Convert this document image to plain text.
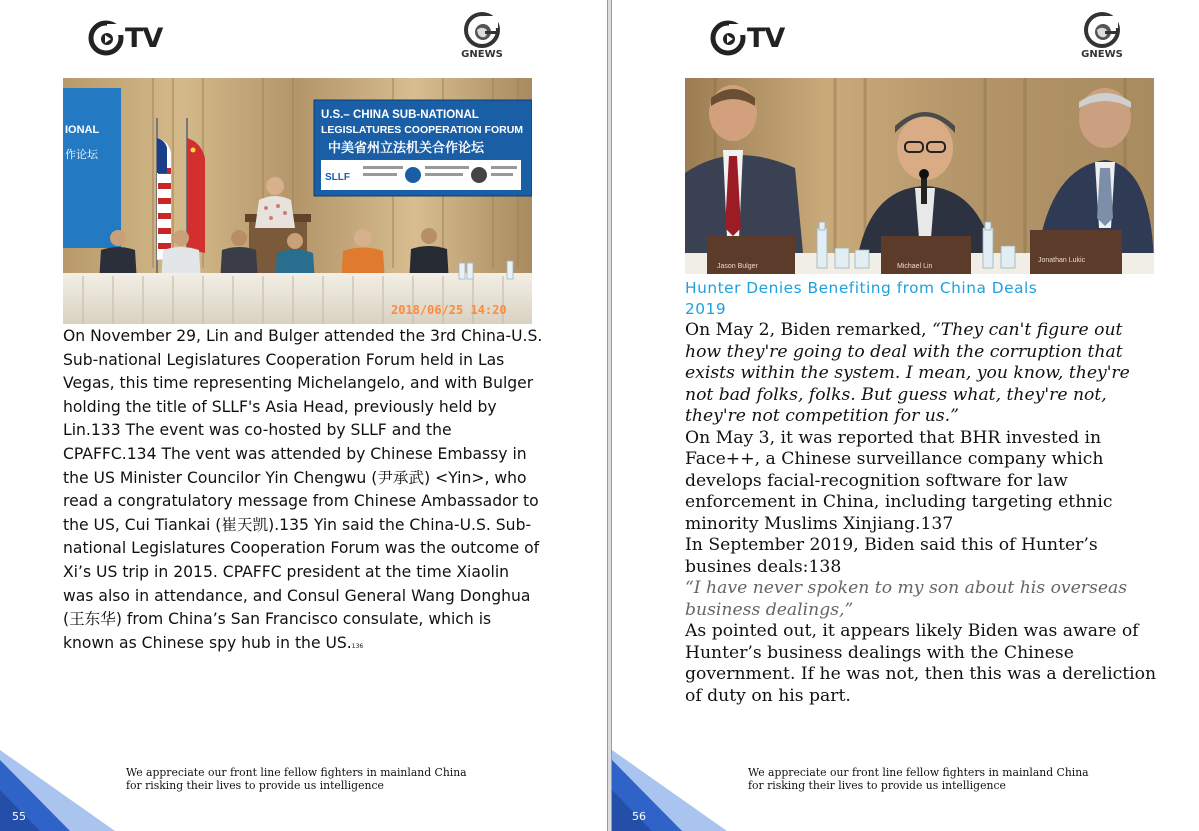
TV
GNEWS
IONAL
作论坛
U.S.– CHINA SUB-NATIONAL
LEGISLATURES COOPERATION FORUM
中美省州立法机关合作论坛
SLLF
2018/06/25 14:20
On November 29, Lin and Bulger attended the 3rd China-U.S. Sub-national Legislatures Cooperation Forum held in Las Vegas, this time representing Michelangelo, and with Bulger holding the title of SLLF's Asia Head, previously held by Lin.133 The event was co-hosted by SLLF and the CPAFFC.134 The vent was attended by Chinese Embassy in the US Minister Councilor Yin Chengwu (尹承武) <Yin>, who read a congratulatory message from Chinese Ambassador to the US, Cui Tiankai (崔天凯).135 Yin said the China-U.S. Sub-national Legislatures Cooperation Forum was the outcome of Xi’s US trip in 2015. CPAFFC president at the time Xiaolin was also in attendance, and Consul General Wang Donghua (王东华) from China’s San Francisco consulate, which is known as Chinese spy hub in the US.136
We appreciate our front line fellow fighters in mainland China
for risking their lives to provide us intelligence
55
TV
GNEWS
Jason Bulger	Michael Lin
Jonathan Lukic
Hunter Denies Benefiting from China Deals
2019

On May 2, Biden remarked, “They can't figure out how they're going to deal with the corruption that exists within the system. I mean, you know, they're not bad folks, folks. But guess what, they're not, they're not competition for us.”

On May 3, it was reported that BHR invested in Face++, a Chinese surveillance company which develops facial-recognition software for law enforcement in China, including targeting ethnic minority Muslims Xinjiang.137

In September 2019, Biden said this of Hunter’s busines deals:138

“I have never spoken to my son about his overseas business dealings,”

As pointed out, it appears likely Biden was aware of Hunter’s business dealings with the Chinese government. If he was not, then this was a dereliction of duty on his part.

We appreciate our front line fellow fighters in mainland China
for risking their lives to provide us intelligence
56
